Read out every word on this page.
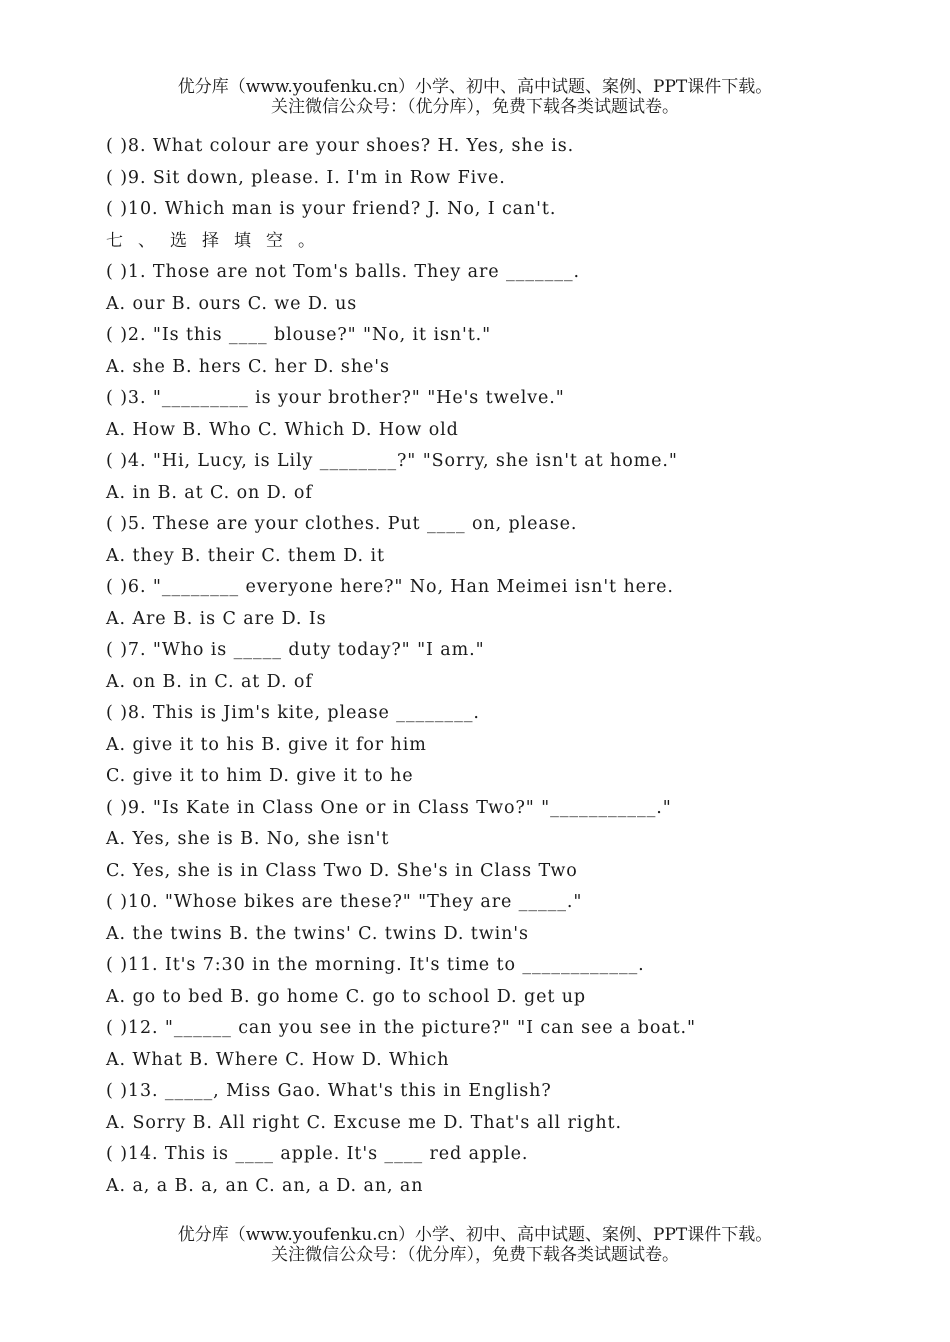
优分库（www.youfenku.cn）小学、初中、高中试题、案例、PPT课件下载。
关注微信公众号：（优分库），免费下载各类试题试卷。
( )8. What colour are your shoes? H. Yes, she is.
( )9. Sit down, please. I. I'm in Row Five.
( )10. Which man is your friend? J. No, I can't.
七、选择填空。
( )1. Those are not Tom's balls. They are _______.
A. our B. ours C. we D. us
( )2. "Is this ____ blouse?" "No, it isn't."
A. she B. hers C. her D. she's
( )3. "_________ is your brother?" "He's twelve."
A. How B. Who C. Which D. How old
( )4. "Hi, Lucy, is Lily ________?" "Sorry, she isn't at home."
A. in B. at C. on D. of
( )5. These are your clothes. Put ____ on, please.
A. they B. their C. them D. it
( )6. "________ everyone here?" No, Han Meimei isn't here.
A. Are B. is C are D. Is
( )7. "Who is _____ duty today?" "I am."
A. on B. in C. at D. of
( )8. This is Jim's kite, please ________.
A. give it to his B. give it for him
C. give it to him D. give it to he
( )9. "Is Kate in Class One or in Class Two?" "___________."
A. Yes, she is B. No, she isn't
C. Yes, she is in Class Two D. She's in Class Two
( )10. "Whose bikes are these?" "They are _____."
A. the twins B. the twins' C. twins D. twin's
( )11. It's 7:30 in the morning. It's time to ____________.
A. go to bed B. go home C. go to school D. get up
( )12. "______ can you see in the picture?" "I can see a boat."
A. What B. Where C. How D. Which
( )13. _____, Miss Gao. What's this in English?
A. Sorry B. All right C. Excuse me D. That's all right.
( )14. This is ____ apple. It's ____ red apple.
A. a, a B. a, an C. an, a D. an, an
优分库（www.youfenku.cn）小学、初中、高中试题、案例、PPT课件下载。
关注微信公众号：（优分库），免费下载各类试题试卷。
